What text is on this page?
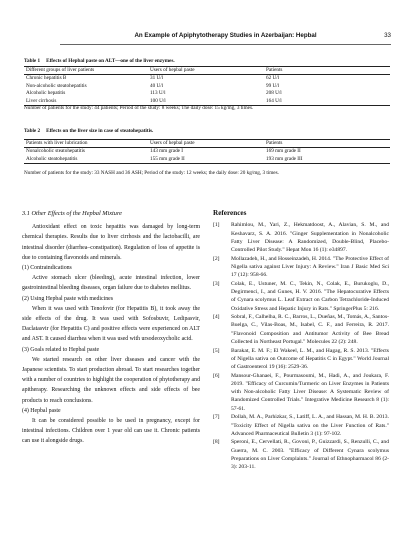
An Example of Apiphytotherapy Studies in Azerbaijan: Hepbal	33
Table 1 Effects of Hepbal paste on ALT—one of the liver enzymes.
Different groups of liver patients	Users of hepbal paste	Patients
Chronic hepatitis B	31 U/l	62 U/l
Non-alcoholic steatohepatitis	40 U/l	99 U/l
Alcoholic hepatitis	113 U/l	208 U/l
Liver cirrhosis	100 U/l	164 U/l
Number of patients for the study: 44 patients; Period of the study: 8 weeks; The daily dose: 15 kg/mg, 3 times.
Table 2 Effects on the liver size in case of steatohepatitis.
Patients with liver lubrication	Users of hepbal paste	Patients
Nonalcoholic steatohepatitis	143 mm grade I	169 mm grade II
Alcoholic steatohepatitis	155 mm grade II	193 mm grade III
Number of patients for the study: 33 NASH and 36 ASH; Period of the study: 12 weeks; the daily dose: 20 kg/mg, 3 times.
3.1 Other Effects of the Hepbal Mixture

Antioxidant effect on toxic hepatitis was damaged by long-term chemical therapies. Results due to liver cirrhosis and the lactobacilli, are intestinal disorder (diarrhea–constipation). Regulation of loss of appetite is due to containing flavonoids and minerals.

(1) Contraindications

Active stomach ulcer (bleeding), acute intestinal infection, lower gastrointestinal bleeding diseases, organ failure due to diabetes mellitus.

(2) Using Hepbal paste with medicines

When it was used with Tenofovir (for Hepatitis B), it took away the side effects of the drug. It was used with Sofosbuvir, Ledipasvir, Daclatasvir (for Hepatitis C) and positive effects were experienced on ALT and AST. It caused diarrhea when it was used with ursodeoxycholic acid.

(3) Goals related to Hepbal paste

We started research on other liver diseases and cancer with the Japanese scientists. To start production abroad. To start researches together with a number of countries to highlight the cooperation of phytotherapy and apitherapy. Researching the unknown effects and side effects of bee products to reach conclusions.

(4) Hepbal paste

It can be considered possible to be used in pregnancy, except for intestinal infections. Children over 1 year old can use it. Chronic patients can use it alongside drugs.

References
[1] Rahimlou, M., Yari, Z., Hekmatdoost, A., Alavian, S. M., and Keshavarz, S. A. 2016. "Ginger Supplementation in Nonalcoholic Fatty Liver Disease: A Randomized, Double-Blind, Placebo-Controlled Pilot Study." Hepat Mon 16 (1): e34897.
[2] Mollazadeh, H., and Hosseinzadeh, H. 2014. "The Protective Effect of Nigella sativa against Liver Injury: A Review." Iran J Basic Med Sci 17 (12): 958-66.
[3] Colak, E., Ustuner, M. C., Tekin, N., Colak, E., Burukoglu, D., Degirmenci, I., and Gunes, H. V. 2016. "The Hepatocurative Effects of Cynara scolymus L. Leaf Extract on Carbon Tetrachloride-Induced Oxidative Stress and Hepatic Injury in Rats." SpringerPlus 5: 216.
[4] Sobral, F., Calhelha, R. C., Barros, L., Dueñas, M., Tomás, A., Santos-Buelga, C., Vilas-Boas, M., Isabel, C. F., and Ferreira, R. 2017. "Flavonoid Composition and Antitumor Activity of Bee Bread Collected in Northeast Portugal." Molecules 22 (2): 248.
[5] Barakat, E. M. F.; El Wakeel, L. M., and Hagag, R. S. 2013. "Effects of Nigella sativa on Outcome of Hepatitis C in Egypt." World Journal of Gastroenterol 19 (16): 2529-36.
[6] Mansour-Ghanaei, F., Pourmasoumi, M., Hadi, A., and Joukara, F. 2019. "Efficacy of Curcumin/Turmeric on Liver Enzymes in Patients with Non-alcoholic Fatty Liver Disease: A Systematic Review of Randomized Controlled Trials." Integrative Medicine Research 8 (1): 57-61.
[7] Dollah, M. A., Parhizkar, S., Latiff, L. A., and Hassan, M. H. B. 2013. "Toxicity Effect of Nigella sativa on the Liver Function of Rats." Advanced Pharmaceutical Bulletin 3 (1): 97-102.
[8] Speroni, E., Cervellati, R., Govoni, P., Guizzardi, S., Renzulli, C., and Guerra, M. C. 2003. "Efficacy of Different Cynara scolymus Preparations on Liver Complaints." Journal of Ethnopharmacol 86 (2-3): 203-11.
